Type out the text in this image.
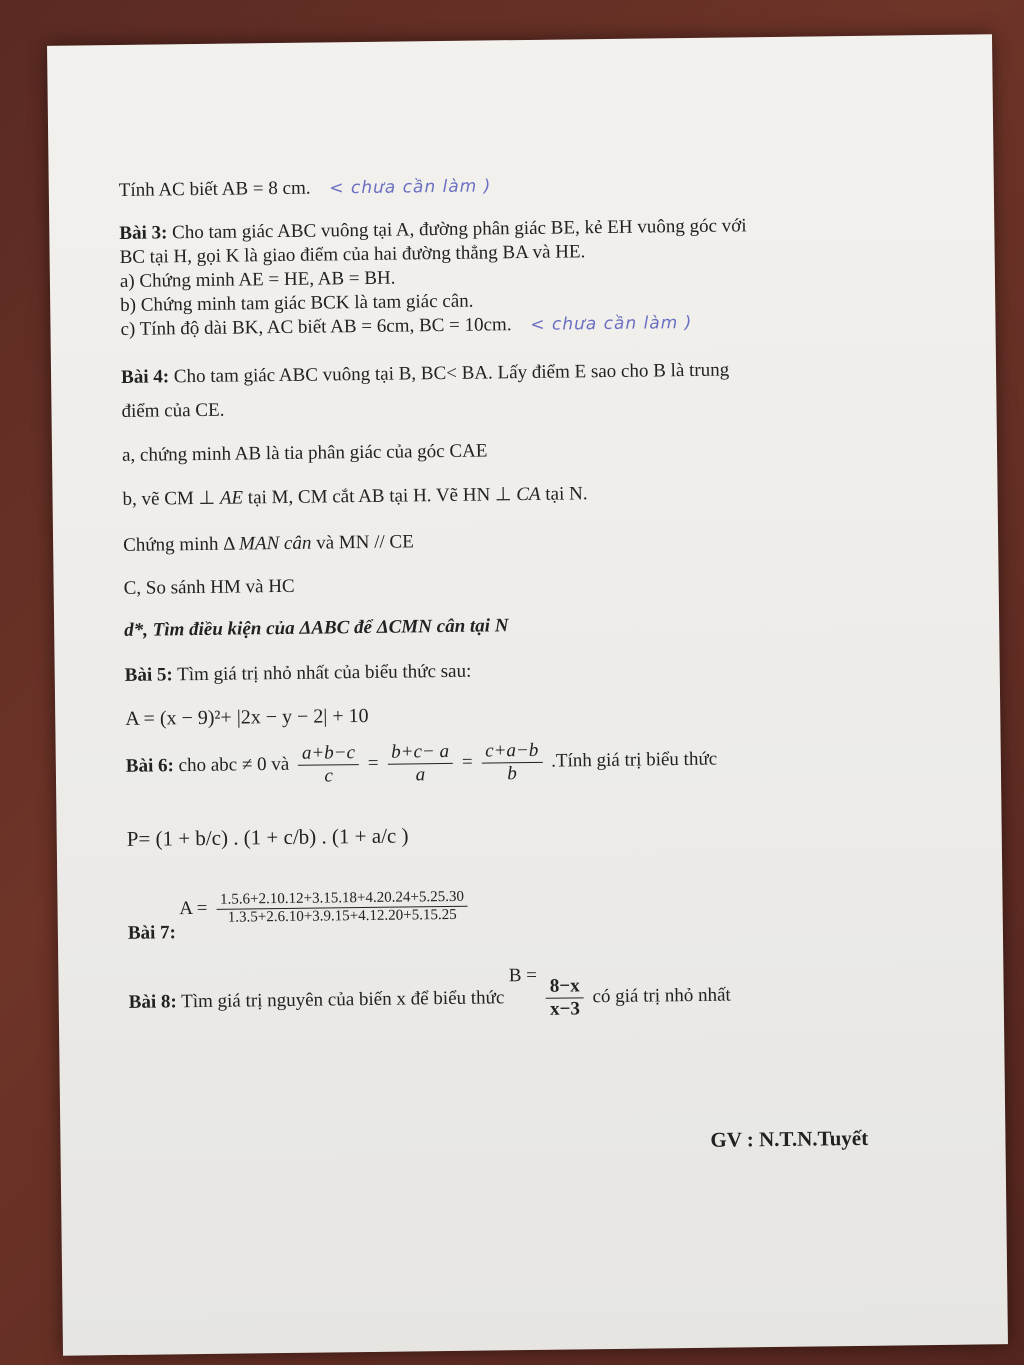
Tính AC biết AB = 8 cm. < chưa cần làm )
Bài 3: Cho tam giác ABC vuông tại A, đường phân giác BE, kẻ EH vuông góc với
BC tại H, gọi K là giao điểm của hai đường thẳng BA và HE.
a) Chứng minh AE = HE, AB = BH.
b) Chứng minh tam giác BCK là tam giác cân.
c) Tính độ dài BK, AC biết AB = 6cm, BC = 10cm. < chưa cần làm )
Bài 4: Cho tam giác ABC vuông tại B, BC< BA. Lấy điểm E sao cho B là trung
điểm của CE.
a, chứng minh AB là tia phân giác của góc CAE
b, vẽ CM ⊥ AE tại M, CM cắt AB tại H. Vẽ HN ⊥ CA tại N.
Chứng minh Δ MAN cân và MN // CE
C, So sánh HM và HC
d*, Tìm điều kiện của ΔABC để ΔCMN cân tại N
Bài 5: Tìm giá trị nhỏ nhất của biểu thức sau:
A = (x − 9)²+ |2x − y − 2| + 10
Bài 6: cho abc ≠ 0 và $\frac{a+b-c}{c} = \frac{b+c- a}{a} = \frac{c+a-b}{b}$ .Tính giá trị biểu thức
P= (1 + b/c) . (1 + c/b) . (1 + a/c )
Bài 7: $A = \frac{1.5.6+2.10.12+3.15.18+4.20.24+5.25.30}{1.3.5+2.6.10+3.9.15+4.12.20+5.15.25}$
Bài 8: Tìm giá trị nguyên của biến x để biểu thức $B = \frac{8-x}{x-3}$ có giá trị nhỏ nhất
GV : N.T.N.Tuyết
